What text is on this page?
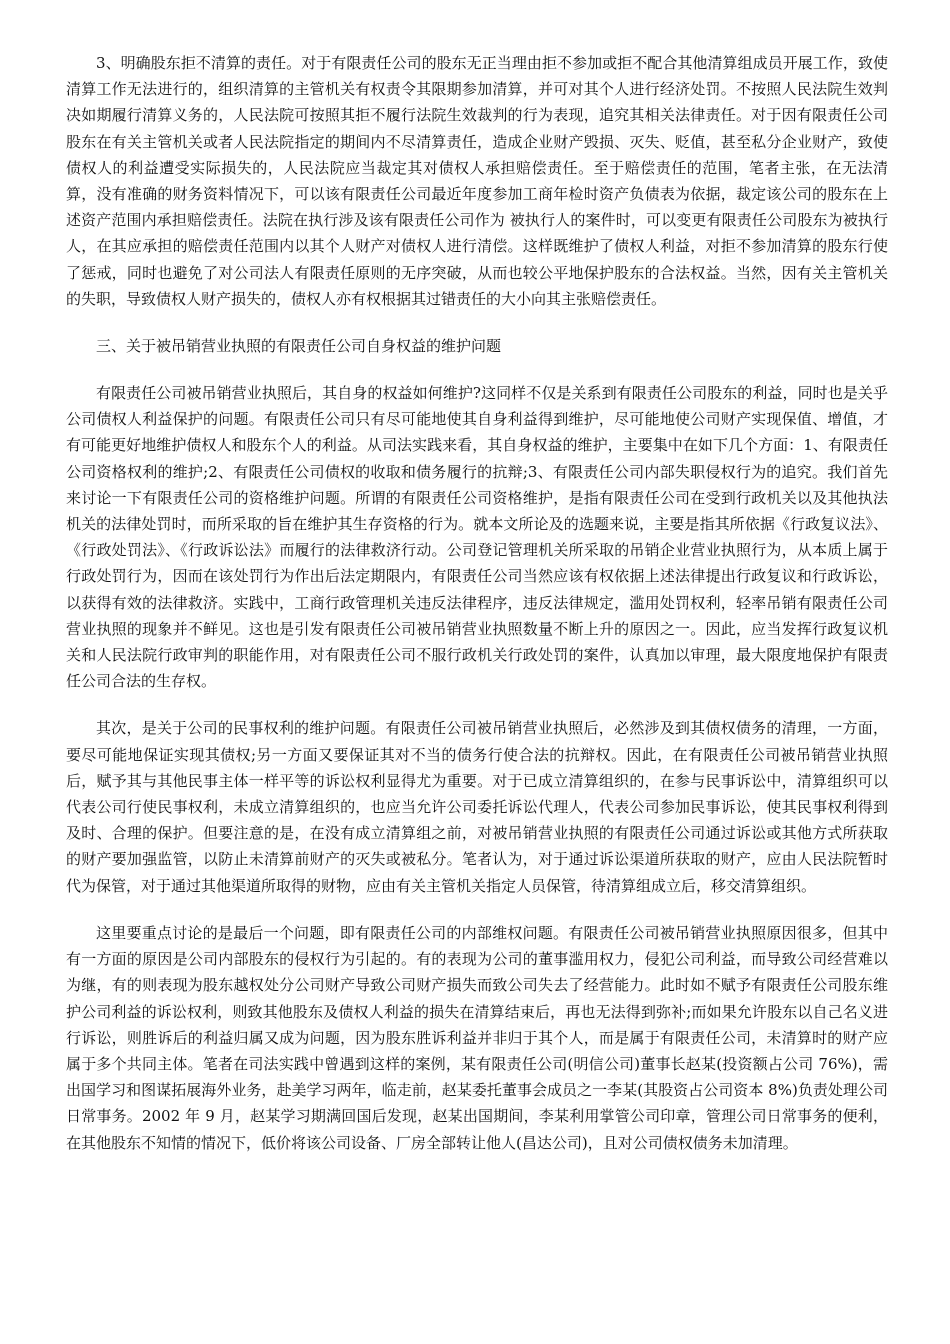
3、明确股东拒不清算的责任。对于有限责任公司的股东无正当理由拒不参加或拒不配合其他清算组成员开展工作，致使清算工作无法进行的，组织清算的主管机关有权责令其限期参加清算，并可对其个人进行经济处罚。不按照人民法院生效判决如期履行清算义务的，人民法院可按照其拒不履行法院生效裁判的行为表现，追究其相关法律责任。对于因有限责任公司股东在有关主管机关或者人民法院指定的期间内不尽清算责任，造成企业财产毁损、灭失、贬值，甚至私分企业财产，致使债权人的利益遭受实际损失的，人民法院应当裁定其对债权人承担赔偿责任。至于赔偿责任的范围，笔者主张，在无法清算，没有准确的财务资料情况下，可以该有限责任公司最近年度参加工商年检时资产负债表为依据，裁定该公司的股东在上述资产范围内承担赔偿责任。法院在执行涉及该有限责任公司作为 被执行人的案件时，可以变更有限责任公司股东为被执行人，在其应承担的赔偿责任范围内以其个人财产对债权人进行清偿。这样既维护了债权人利益，对拒不参加清算的股东行使了惩戒，同时也避免了对公司法人有限责任原则的无序突破，从而也较公平地保护股东的合法权益。当然，因有关主管机关的失职，导致债权人财产损失的，债权人亦有权根据其过错责任的大小向其主张赔偿责任。

三、关于被吊销营业执照的有限责任公司自身权益的维护问题

有限责任公司被吊销营业执照后，其自身的权益如何维护?这同样不仅是关系到有限责任公司股东的利益，同时也是关乎公司债权人利益保护的问题。有限责任公司只有尽可能地使其自身利益得到维护，尽可能地使公司财产实现保值、增值，才有可能更好地维护债权人和股东个人的利益。从司法实践来看，其自身权益的维护，主要集中在如下几个方面：1、有限责任公司资格权利的维护;2、有限责任公司债权的收取和债务履行的抗辩;3、有限责任公司内部失职侵权行为的追究。我们首先来讨论一下有限责任公司的资格维护问题。所谓的有限责任公司资格维护，是指有限责任公司在受到行政机关以及其他执法机关的法律处罚时，而所采取的旨在维护其生存资格的行为。就本文所论及的选题来说，主要是指其所依据《行政复议法》、《行政处罚法》、《行政诉讼法》而履行的法律救济行动。公司登记管理机关所采取的吊销企业营业执照行为，从本质上属于行政处罚行为，因而在该处罚行为作出后法定期限内，有限责任公司当然应该有权依据上述法律提出行政复议和行政诉讼，以获得有效的法律救济。实践中，工商行政管理机关违反法律程序，违反法律规定，滥用处罚权利，轻率吊销有限责任公司营业执照的现象并不鲜见。这也是引发有限责任公司被吊销营业执照数量不断上升的原因之一。因此，应当发挥行政复议机关和人民法院行政审判的职能作用，对有限责任公司不服行政机关行政处罚的案件，认真加以审理，最大限度地保护有限责任公司合法的生存权。

其次，是关于公司的民事权利的维护问题。有限责任公司被吊销营业执照后，必然涉及到其债权债务的清理，一方面，要尽可能地保证实现其债权;另一方面又要保证其对不当的债务行使合法的抗辩权。因此，在有限责任公司被吊销营业执照后，赋予其与其他民事主体一样平等的诉讼权利显得尤为重要。对于已成立清算组织的，在参与民事诉讼中，清算组织可以代表公司行使民事权利，未成立清算组织的，也应当允许公司委托诉讼代理人，代表公司参加民事诉讼，使其民事权利得到及时、合理的保护。但要注意的是，在没有成立清算组之前，对被吊销营业执照的有限责任公司通过诉讼或其他方式所获取的财产要加强监管，以防止未清算前财产的灭失或被私分。笔者认为，对于通过诉讼渠道所获取的财产，应由人民法院暂时代为保管，对于通过其他渠道所取得的财物，应由有关主管机关指定人员保管，待清算组成立后，移交清算组织。

这里要重点讨论的是最后一个问题，即有限责任公司的内部维权问题。有限责任公司被吊销营业执照原因很多，但其中有一方面的原因是公司内部股东的侵权行为引起的。有的表现为公司的董事滥用权力，侵犯公司利益，而导致公司经营难以为继，有的则表现为股东越权处分公司财产导致公司财产损失而致公司失去了经营能力。此时如不赋予有限责任公司股东维护公司利益的诉讼权利，则致其他股东及债权人利益的损失在清算结束后，再也无法得到弥补;而如果允许股东以自己名义进行诉讼，则胜诉后的利益归属又成为问题，因为股东胜诉利益并非归于其个人，而是属于有限责任公司，未清算时的财产应属于多个共同主体。笔者在司法实践中曾遇到这样的案例，某有限责任公司(明信公司)董事长赵某(投资额占公司 76%)，需出国学习和图谋拓展海外业务，赴美学习两年，临走前，赵某委托董事会成员之一李某(其股资占公司资本 8%)负责处理公司日常事务。2002 年 9 月，赵某学习期满回国后发现，赵某出国期间，李某利用掌管公司印章，管理公司日常事务的便利，在其他股东不知情的情况下，低价将该公司设备、厂房全部转让他人(昌达公司)，且对公司债权债务未加清理。
